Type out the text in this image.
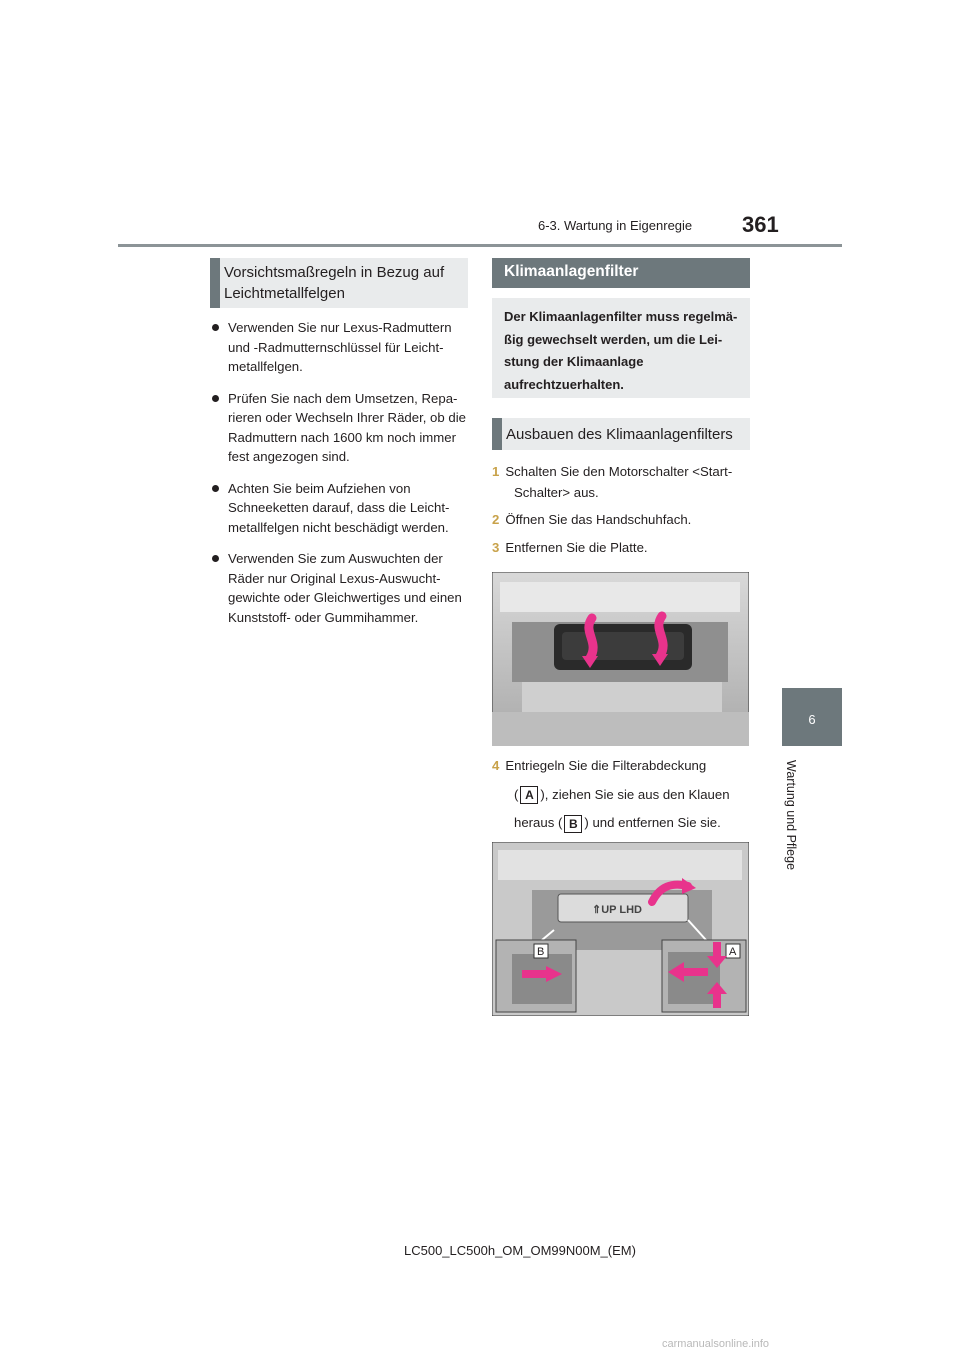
6-3. Wartung in Eigenregie 361
6
Wartung und Pflege
Vorsichtsmaßregeln in Bezug auf
Leichtmetallfelgen
Verwenden Sie nur Lexus-Radmuttern und -Radmutternschlüssel für Leicht-metallfelgen.
Prüfen Sie nach dem Umsetzen, Repa-rieren oder Wechseln Ihrer Räder, ob die Radmuttern nach 1600 km noch immer fest angezogen sind.
Achten Sie beim Aufziehen von Schneeketten darauf, dass die Leicht-metallfelgen nicht beschädigt werden.
Verwenden Sie zum Auswuchten der Räder nur Original Lexus-Auswucht-gewichte oder Gleichwertiges und einen Kunststoff- oder Gummihammer.
Klimaanlagenfilter

Der Klimaanlagenfilter muss regelmä-ßig gewechselt werden, um die Lei-stung der Klimaanlage aufrechtzuerhalten.

Ausbauen des Klimaanlagenfilters
1 Schalten Sie den Motorschalter <Start-
Schalter> aus.
2 Öffnen Sie das Handschuhfach.
3 Entfernen Sie die Platte.
4 Entriegeln Sie die Filterabdeckung
( A ), ziehen Sie sie aus den Klauen
heraus ( B ) und entfernen Sie sie.
⇑UP LHD
B	A
LC500_LC500h_OM_OM99N00M_(EM)
carmanualsonline.info
